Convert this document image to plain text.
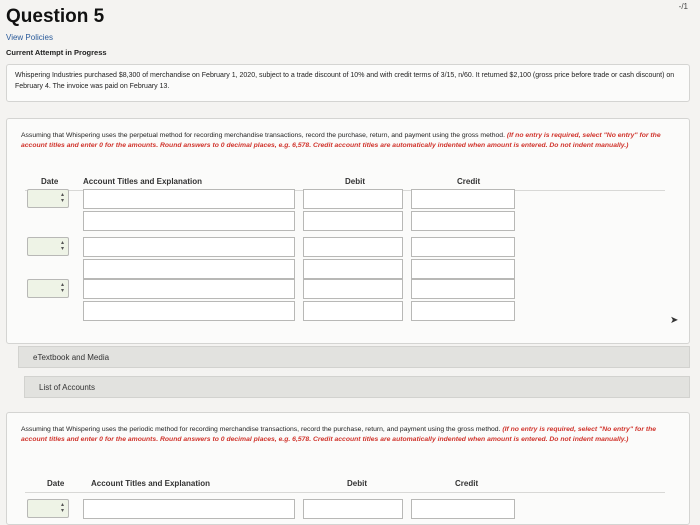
-/1
Question 5
View Policies
Current Attempt in Progress
Whispering Industries purchased $8,300 of merchandise on February 1, 2020, subject to a trade discount of 10% and with credit terms of 3/15, n/60. It returned $2,100 (gross price before trade or cash discount) on February 4. The invoice was paid on February 13.
Assuming that Whispering uses the perpetual method for recording merchandise transactions, record the purchase, return, and payment using the gross method. (If no entry is required, select "No entry" for the account titles and enter 0 for the amounts. Round answers to 0 decimal places, e.g. 6,578. Credit account titles are automatically indented when amount is entered. Do not indent manually.)
Date	Account Titles and Explanation	Debit	Credit
▴ ▾
▴ ▾
▴ ▾
eTextbook and Media
List of Accounts
Assuming that Whispering uses the periodic method for recording merchandise transactions, record the purchase, return, and payment using the gross method. (If no entry is required, select "No entry" for the account titles and enter 0 for the amounts. Round answers to 0 decimal places, e.g. 6,578. Credit account titles are automatically indented when amount is entered. Do not indent manually.)
Date	Account Titles and Explanation	Debit	Credit
▴ ▾
➤
